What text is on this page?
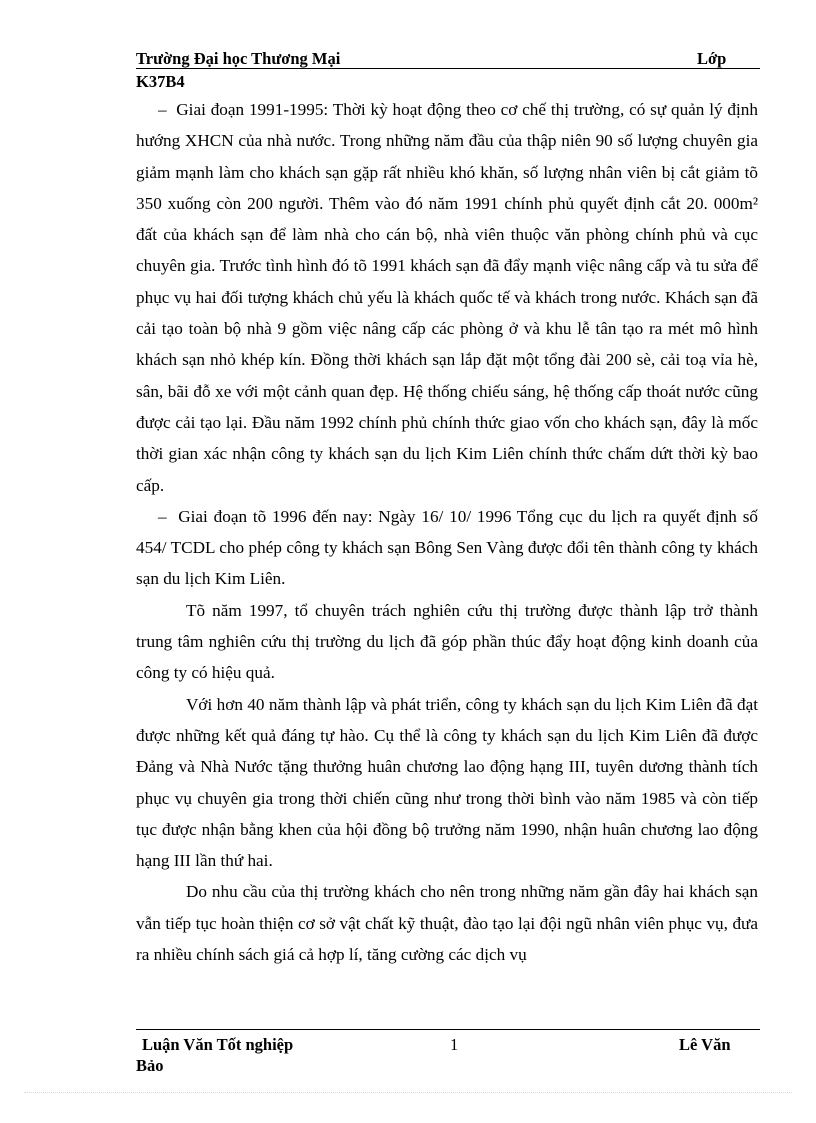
Trường Đại học Thương Mại	Lớp

K37B4

–  Giai đoạn 1991-1995: Thời kỳ hoạt động theo cơ chế thị trường, có sự quản lý định hướng XHCN của nhà nước. Trong những năm đầu của thập niên 90 số lượng chuyên gia giảm mạnh làm cho khách sạn gặp rất nhiều khó khăn, số lượng nhân viên bị cắt giảm tõ 350 xuống còn 200 người. Thêm vào đó năm 1991 chính phủ quyết định cắt 20. 000m² đất của khách sạn để làm nhà cho cán bộ, nhà viên thuộc văn phòng chính phủ và cục chuyên gia. Trước tình hình đó tõ 1991 khách sạn đã đẩy mạnh việc nâng cấp và tu sửa để phục vụ hai đối tượng khách chủ yếu là khách quốc tế và khách trong nước. Khách sạn đã cải tạo toàn bộ nhà 9 gồm việc nâng cấp các phòng ở và khu lễ tân tạo ra mét mô hình khách sạn nhỏ khép kín. Đồng thời khách sạn lắp đặt một tổng đài 200 sè, cải toạ vỉa hè, sân, bãi đỗ xe với một cảnh quan đẹp. Hệ thống chiếu sáng, hệ thống cấp thoát nước cũng được cải tạo lại. Đầu năm 1992 chính phủ chính thức giao vốn cho khách sạn, đây là mốc thời gian xác nhận công ty khách sạn du lịch Kim Liên chính thức chấm dứt thời kỳ bao cấp.

–  Giai đoạn tõ 1996 đến nay: Ngày 16/ 10/ 1996 Tổng cục du lịch ra quyết định số 454/ TCDL cho phép công ty khách sạn Bông Sen Vàng được đổi tên thành công ty khách sạn du lịch Kim Liên.

Tõ năm 1997, tổ chuyên trách nghiên cứu thị trường được thành lập trở thành trung tâm nghiên cứu thị trường du lịch đã góp phần thúc đẩy hoạt động kinh doanh của công ty có hiệu quả.

Với hơn 40 năm thành lập và phát triển, công ty khách sạn du lịch Kim Liên đã đạt được những kết quả đáng tự hào. Cụ thể là công ty khách sạn du lịch Kim Liên đã được Đảng và Nhà Nước tặng thưởng huân chương lao động hạng III, tuyên dương thành tích phục vụ chuyên gia trong thời chiến cũng như trong thời bình vào năm 1985 và còn tiếp tục được nhận bằng khen của hội đồng bộ trưởng năm 1990, nhận huân chương lao động hạng III lần thứ hai.

Do nhu cầu của thị trường khách cho nên trong những năm gần đây hai khách sạn vẫn tiếp tục hoàn thiện cơ sở vật chất kỹ thuật, đào tạo lại đội ngũ nhân viên phục vụ, đưa ra nhiều chính sách giá cả hợp lí, tăng cường các dịch vụ

Luận Văn Tốt nghiệp	1	Lê Văn

Bảo
